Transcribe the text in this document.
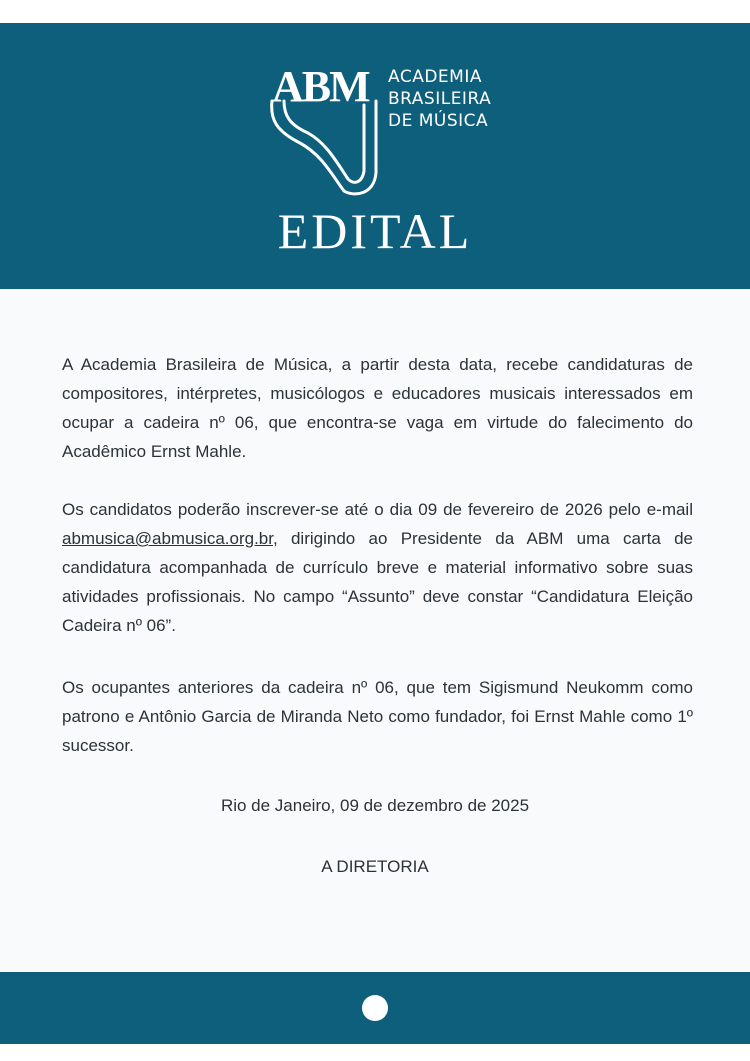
ABM ACADEMIA
BRASILEIRA
DE MÚSICA
EDITAL

A Academia Brasileira de Música, a partir desta data, recebe candidaturas de compositores, intérpretes, musicólogos e educadores musicais interessados em ocupar a cadeira nº 06, que encontra-se vaga em virtude do falecimento do Acadêmico Ernst Mahle.

Os candidatos poderão inscrever-se até o dia 09 de fevereiro de 2026 pelo e-mail abmusica@abmusica.org.br, dirigindo ao Presidente da ABM uma carta de candidatura acompanhada de currículo breve e material informativo sobre suas atividades profissionais. No campo “Assunto” deve constar “Candidatura Eleição Cadeira nº 06”.

Os ocupantes anteriores da cadeira nº 06, que tem Sigismund Neukomm como patrono e Antônio Garcia de Miranda Neto como fundador, foi Ernst Mahle como 1º sucessor.

Rio de Janeiro, 09 de dezembro de 2025
A DIRETORIA
